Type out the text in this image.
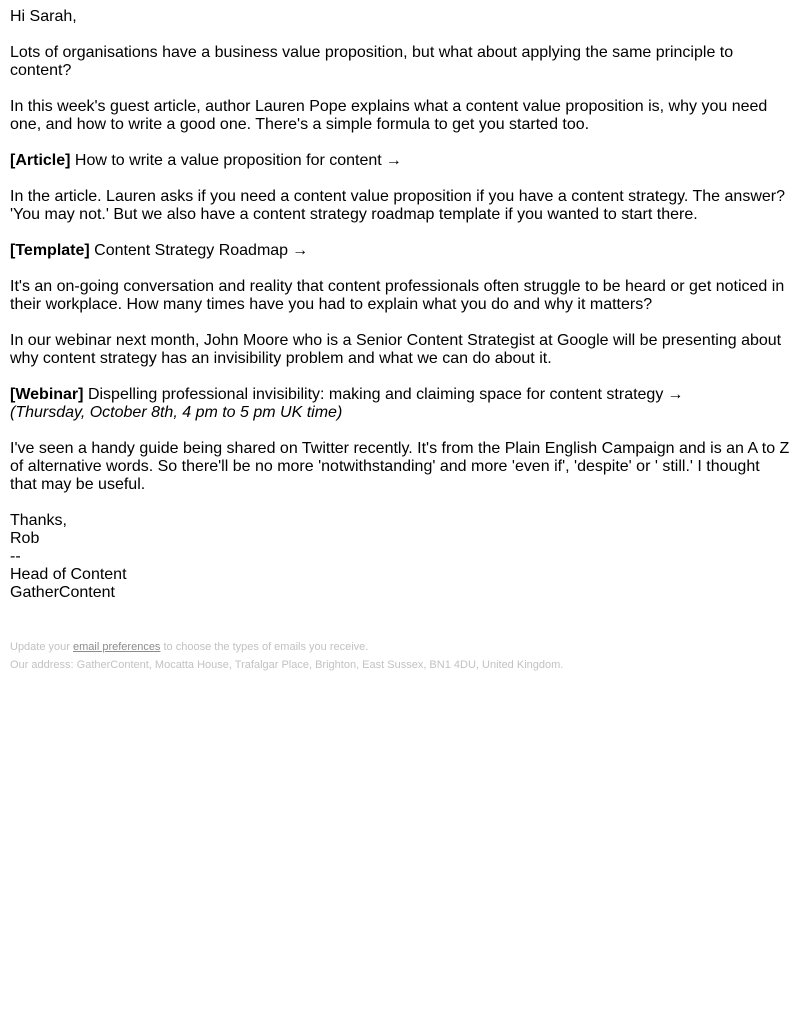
Hi Sarah,

Lots of organisations have a business value proposition, but what about applying the same principle to content?

In this week's guest article, author Lauren Pope explains what a content value proposition is, why you need one, and how to write a good one. There's a simple formula to get you started too.

[Article] How to write a value proposition for content →

In the article. Lauren asks if you need a content value proposition if you have a content strategy. The answer? 'You may not.' But we also have a content strategy roadmap template if you wanted to start there.

[Template] Content Strategy Roadmap →

It's an on-going conversation and reality that content professionals often struggle to be heard or get noticed in their workplace. How many times have you had to explain what you do and why it matters?

In our webinar next month, John Moore who is a Senior Content Strategist at Google will be presenting about why content strategy has an invisibility problem and what we can do about it.

[Webinar] Dispelling professional invisibility: making and claiming space for content strategy →
(Thursday, October 8th, 4 pm to 5 pm UK time)

I've seen a handy guide being shared on Twitter recently. It's from the Plain English Campaign and is an A to Z of alternative words. So there'll be no more 'notwithstanding' and more 'even if', 'despite' or ' still.' I thought that may be useful.

Thanks,
Rob
--
Head of Content
GatherContent
Update your email preferences to choose the types of emails you receive.
Our address: GatherContent, Mocatta House, Trafalgar Place, Brighton, East Sussex, BN1 4DU, United Kingdom.
